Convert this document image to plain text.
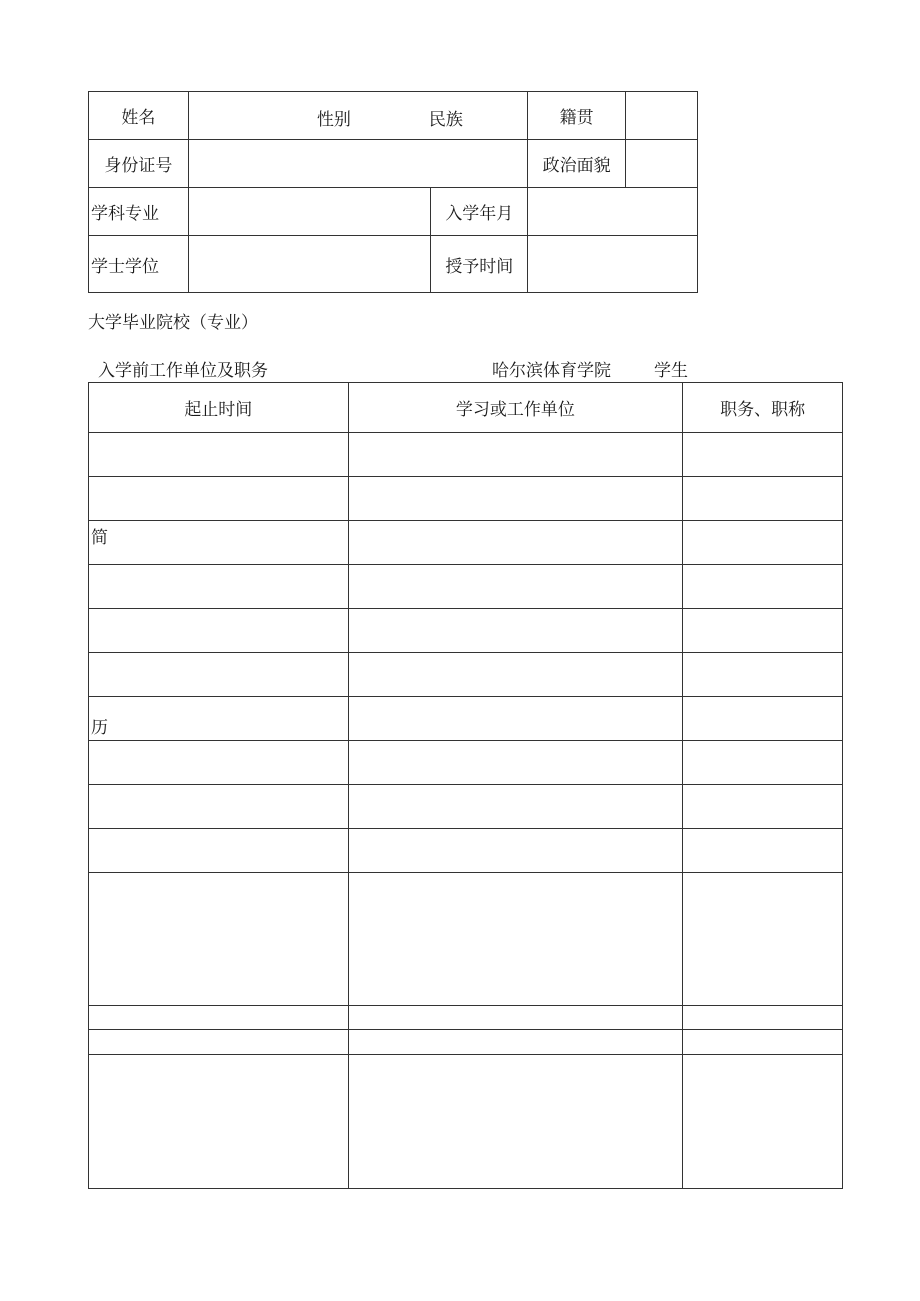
姓名	性别 民族		籍贯	
身份证号			政治面貌	
学科专业		入学年月		
学士学位		授予时间		
大学毕业院校（专业）
入学前工作单位及职务	哈尔滨体育学院	学生
起止时间	学习或工作单位	职务、职称

简		

历		
